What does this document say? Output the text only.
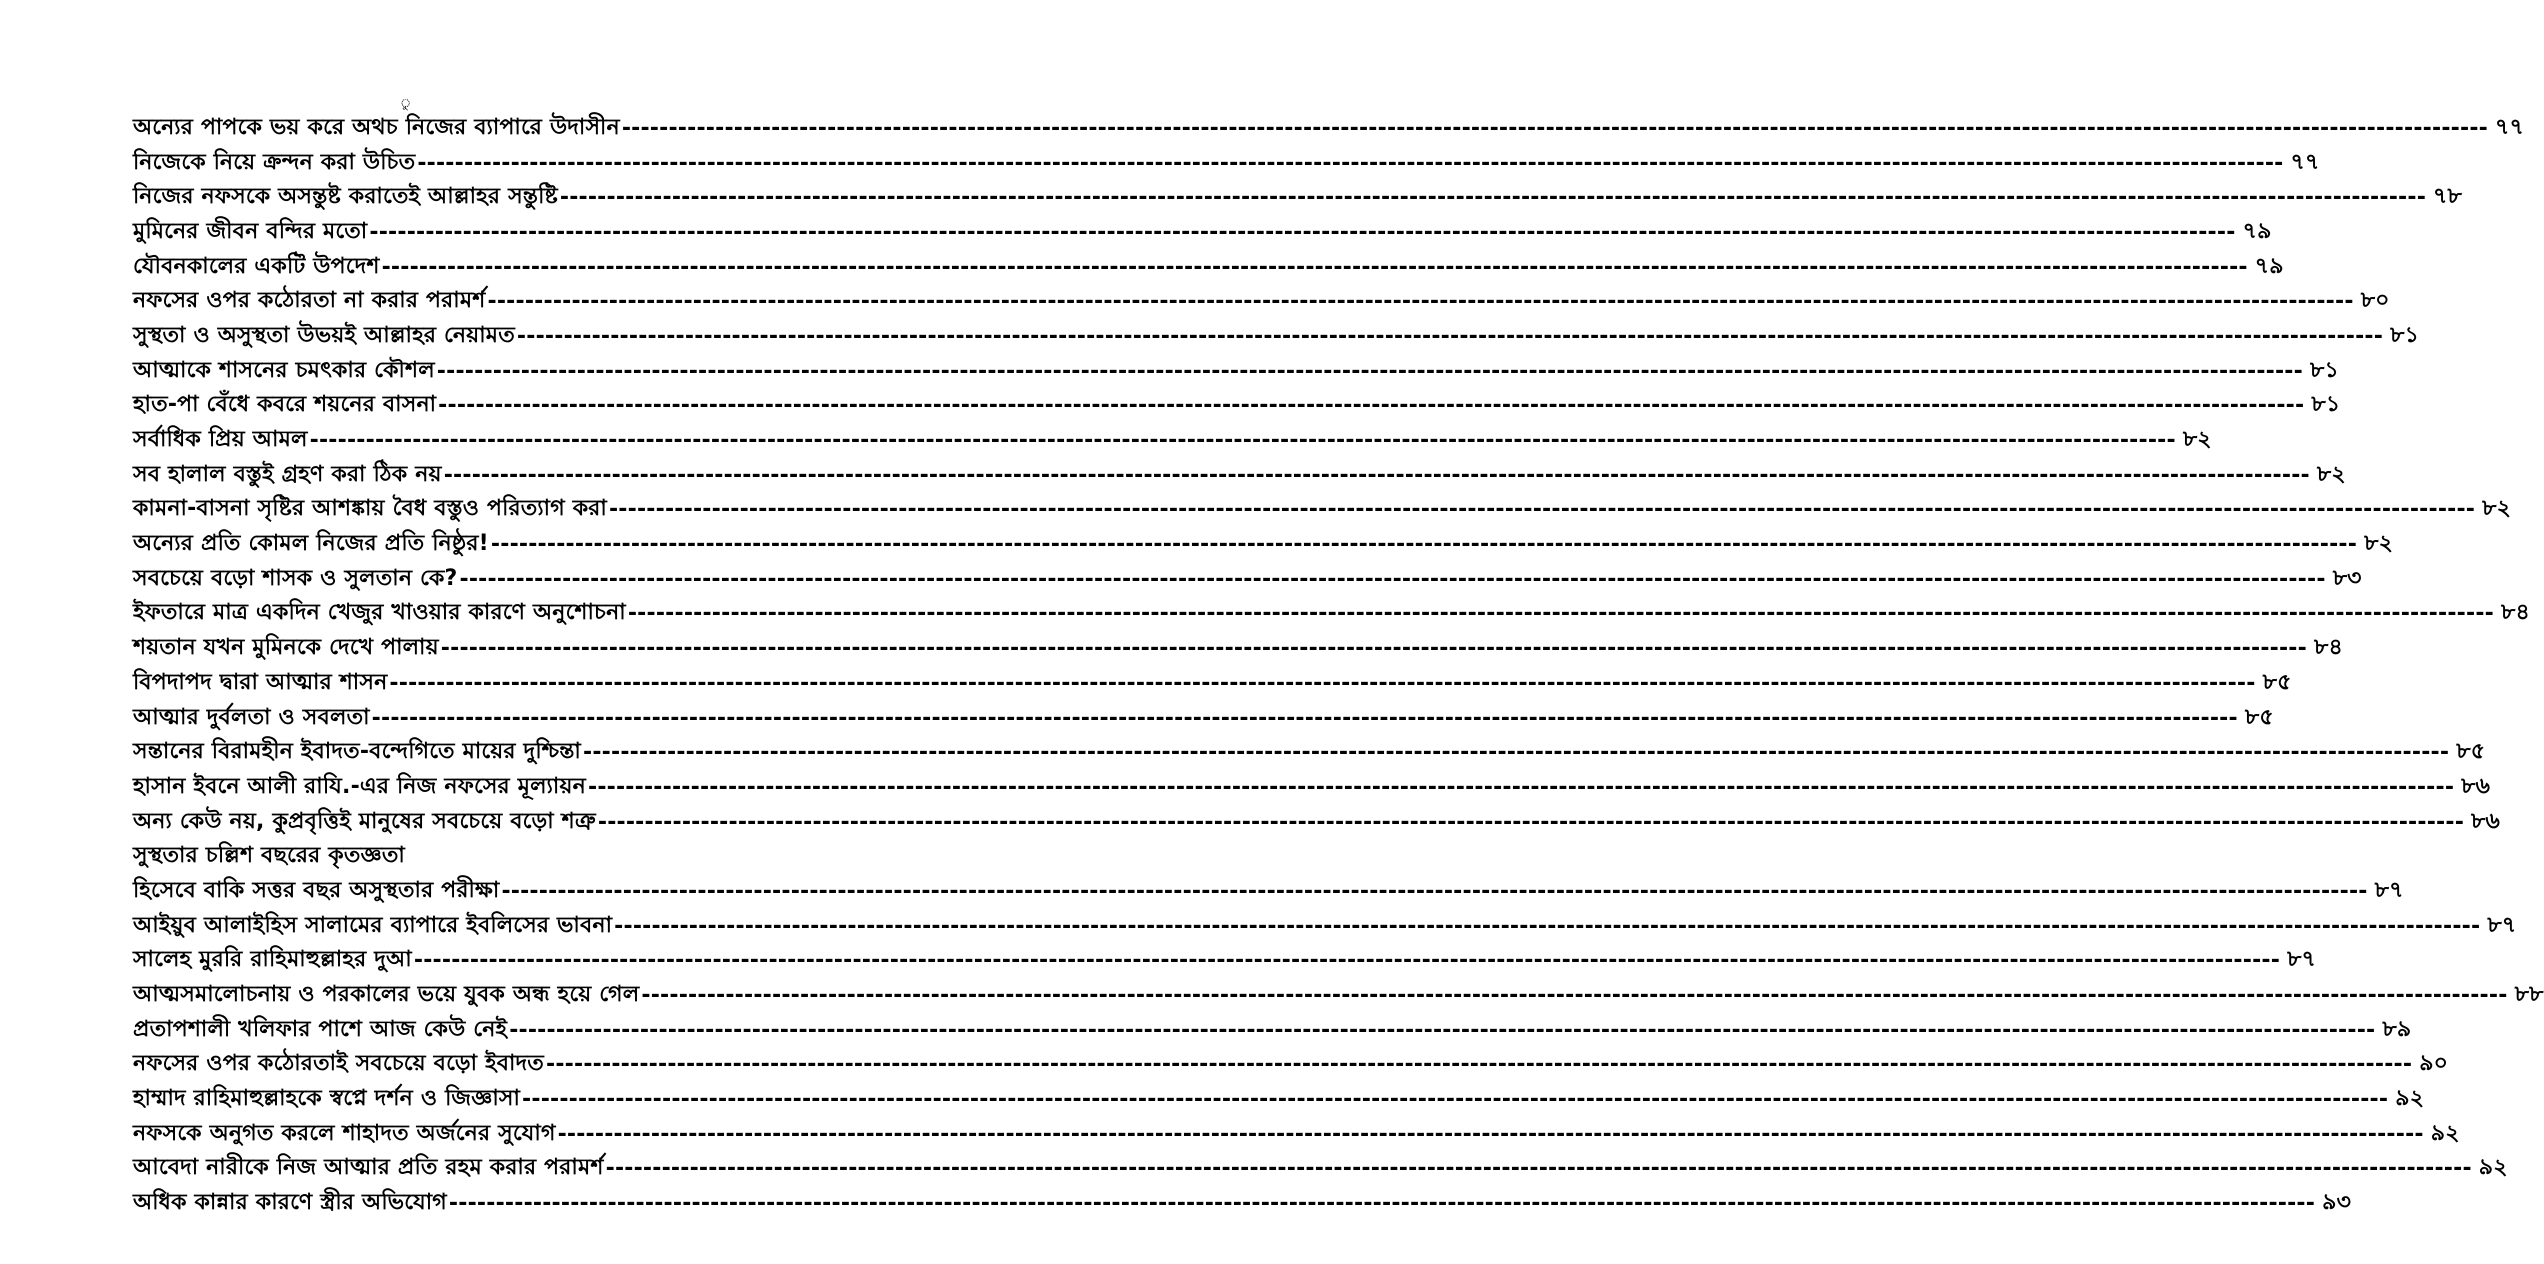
ু
অন্যের পাপকে ভয় করে অথচ নিজের ব্যাপারে উদাসীন -------------------------------------------------------------------------------------------------------------------------------------------------------------------------------------------------------- ৭৭
নিজেকে নিয়ে ক্রন্দন করা উচিত -------------------------------------------------------------------------------------------------------------------------------------------------------------------------------------------------------- ৭৭
নিজের নফসকে অসন্তুষ্ট করাতেই আল্লাহর সন্তুষ্টি -------------------------------------------------------------------------------------------------------------------------------------------------------------------------------------------------------- ৭৮
মুমিনের জীবন বন্দির মতো -------------------------------------------------------------------------------------------------------------------------------------------------------------------------------------------------------- ৭৯
যৌবনকালের একটি উপদেশ -------------------------------------------------------------------------------------------------------------------------------------------------------------------------------------------------------- ৭৯
নফসের ওপর কঠোরতা না করার পরামর্শ -------------------------------------------------------------------------------------------------------------------------------------------------------------------------------------------------------- ৮০
সুস্থতা ও অসুস্থতা উভয়ই আল্লাহর নেয়ামত -------------------------------------------------------------------------------------------------------------------------------------------------------------------------------------------------------- ৮১
আত্মাকে শাসনের চমৎকার কৌশল -------------------------------------------------------------------------------------------------------------------------------------------------------------------------------------------------------- ৮১
হাত-পা বেঁধে কবরে শয়নের বাসনা -------------------------------------------------------------------------------------------------------------------------------------------------------------------------------------------------------- ৮১
সর্বাধিক প্রিয় আমল -------------------------------------------------------------------------------------------------------------------------------------------------------------------------------------------------------- ৮২
সব হালাল বস্তুই গ্রহণ করা ঠিক নয় -------------------------------------------------------------------------------------------------------------------------------------------------------------------------------------------------------- ৮২
কামনা-বাসনা সৃষ্টির আশঙ্কায় বৈধ বস্তুও পরিত্যাগ করা -------------------------------------------------------------------------------------------------------------------------------------------------------------------------------------------------------- ৮২
অন্যের প্রতি কোমল নিজের প্রতি নিষ্ঠুর! -------------------------------------------------------------------------------------------------------------------------------------------------------------------------------------------------------- ৮২
সবচেয়ে বড়ো শাসক ও সুলতান কে? -------------------------------------------------------------------------------------------------------------------------------------------------------------------------------------------------------- ৮৩
ইফতারে মাত্র একদিন খেজুর খাওয়ার কারণে অনুশোচনা -------------------------------------------------------------------------------------------------------------------------------------------------------------------------------------------------------- ৮৪
শয়তান যখন মুমিনকে দেখে পালায় -------------------------------------------------------------------------------------------------------------------------------------------------------------------------------------------------------- ৮৪
বিপদাপদ দ্বারা আত্মার শাসন -------------------------------------------------------------------------------------------------------------------------------------------------------------------------------------------------------- ৮৫
আত্মার দুর্বলতা ও সবলতা -------------------------------------------------------------------------------------------------------------------------------------------------------------------------------------------------------- ৮৫
সন্তানের বিরামহীন ইবাদত-বন্দেগিতে মায়ের দুশ্চিন্তা -------------------------------------------------------------------------------------------------------------------------------------------------------------------------------------------------------- ৮৫
হাসান ইবনে আলী রাযি.-এর নিজ নফসের মূল্যায়ন -------------------------------------------------------------------------------------------------------------------------------------------------------------------------------------------------------- ৮৬
অন্য কেউ নয়, কুপ্রবৃত্তিই মানুষের সবচেয়ে বড়ো শত্রু -------------------------------------------------------------------------------------------------------------------------------------------------------------------------------------------------------- ৮৬
সুস্থতার চল্লিশ বছরের কৃতজ্ঞতা
হিসেবে বাকি সত্তর বছর অসুস্থতার পরীক্ষা -------------------------------------------------------------------------------------------------------------------------------------------------------------------------------------------------------- ৮৭
আইয়ুব আলাইহিস সালামের ব্যাপারে ইবলিসের ভাবনা -------------------------------------------------------------------------------------------------------------------------------------------------------------------------------------------------------- ৮৭
সালেহ মুররি রাহিমাহুল্লাহর দুআ -------------------------------------------------------------------------------------------------------------------------------------------------------------------------------------------------------- ৮৭
আত্মসমালোচনায় ও পরকালের ভয়ে যুবক অন্ধ হয়ে গেল -------------------------------------------------------------------------------------------------------------------------------------------------------------------------------------------------------- ৮৮
প্রতাপশালী খলিফার পাশে আজ কেউ নেই -------------------------------------------------------------------------------------------------------------------------------------------------------------------------------------------------------- ৮৯
নফসের ওপর কঠোরতাই সবচেয়ে বড়ো ইবাদত -------------------------------------------------------------------------------------------------------------------------------------------------------------------------------------------------------- ৯০
হাম্মাদ রাহিমাহুল্লাহকে স্বপ্নে দর্শন ও জিজ্ঞাসা -------------------------------------------------------------------------------------------------------------------------------------------------------------------------------------------------------- ৯২
নফসকে অনুগত করলে শাহাদত অর্জনের সুযোগ -------------------------------------------------------------------------------------------------------------------------------------------------------------------------------------------------------- ৯২
আবেদা নারীকে নিজ আত্মার প্রতি রহম করার পরামর্শ -------------------------------------------------------------------------------------------------------------------------------------------------------------------------------------------------------- ৯২
অধিক কান্নার কারণে স্ত্রীর অভিযোগ -------------------------------------------------------------------------------------------------------------------------------------------------------------------------------------------------------- ৯৩
